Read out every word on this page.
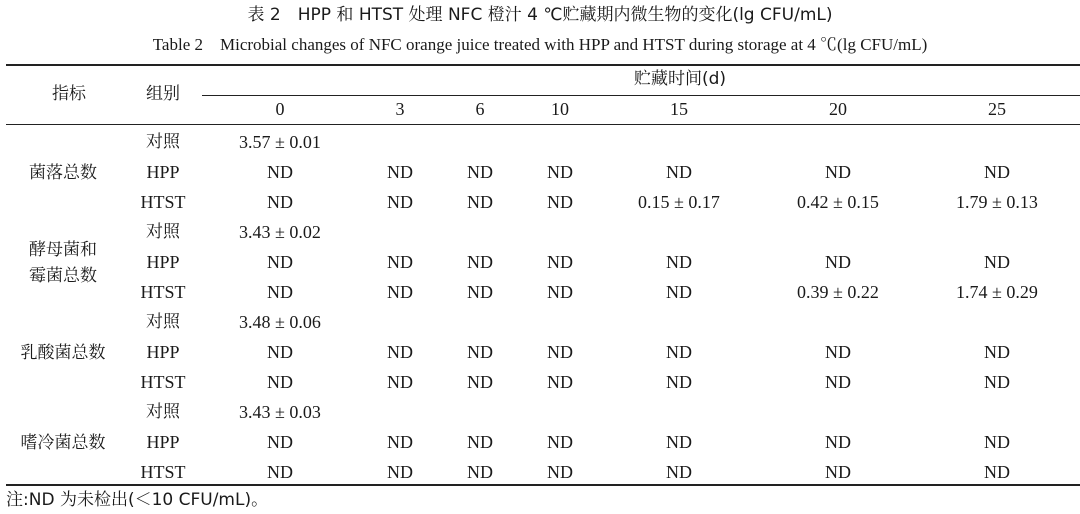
表 2　HPP 和 HTST 处理 NFC 橙汁 4 ℃贮藏期内微生物的变化(lg CFU/mL)
Table 2　Microbial changes of NFC orange juice treated with HPP and HTST during storage at 4 ℃(lg CFU/mL)
指标	组别
贮藏时间(d)
0	3	6	10	15	20	25
菌落总数
对照	3.57 ± 0.01
HPP	ND	ND	ND	ND	ND	ND	ND
HTST	ND	ND	ND	ND	0.15 ± 0.17	0.42 ± 0.15	1.79 ± 0.13
酵母菌和
霉菌总数
对照	3.43 ± 0.02
HPP	ND	ND	ND	ND	ND	ND	ND
HTST	ND	ND	ND	ND	ND	0.39 ± 0.22	1.74 ± 0.29
乳酸菌总数
对照	3.48 ± 0.06
HPP	ND	ND	ND	ND	ND	ND	ND
HTST	ND	ND	ND	ND	ND	ND	ND
嗜冷菌总数
对照	3.43 ± 0.03
HPP	ND	ND	ND	ND	ND	ND	ND
HTST	ND	ND	ND	ND	ND	ND	ND
注:ND 为未检出(＜10 CFU/mL)。
